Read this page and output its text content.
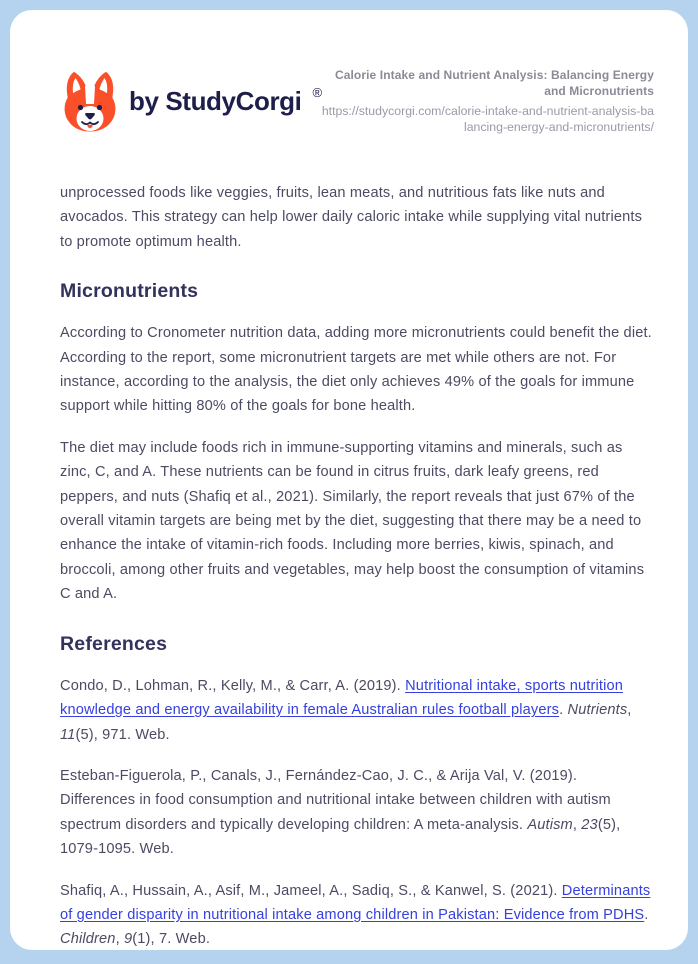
by StudyCorgi ®
Calorie Intake and Nutrient Analysis: Balancing Energy and Micronutrients
https://studycorgi.com/calorie-intake-and-nutrient-analysis-balancing-energy-and-micronutrients/

unprocessed foods like veggies, fruits, lean meats, and nutritious fats like nuts and avocados. This strategy can help lower daily caloric intake while supplying vital nutrients to promote optimum health.

Micronutrients

According to Cronometer nutrition data, adding more micronutrients could benefit the diet. According to the report, some micronutrient targets are met while others are not. For instance, according to the analysis, the diet only achieves 49% of the goals for immune support while hitting 80% of the goals for bone health.

The diet may include foods rich in immune-supporting vitamins and minerals, such as zinc, C, and A. These nutrients can be found in citrus fruits, dark leafy greens, red peppers, and nuts (Shafiq et al., 2021). Similarly, the report reveals that just 67% of the overall vitamin targets are being met by the diet, suggesting that there may be a need to enhance the intake of vitamin-rich foods. Including more berries, kiwis, spinach, and broccoli, among other fruits and vegetables, may help boost the consumption of vitamins C and A.

References

Condo, D., Lohman, R., Kelly, M., & Carr, A. (2019). Nutritional intake, sports nutrition knowledge and energy availability in female Australian rules football players. Nutrients, 11(5), 971. Web.

Esteban-Figuerola, P., Canals, J., Fernández-Cao, J. C., & Arija Val, V. (2019). Differences in food consumption and nutritional intake between children with autism spectrum disorders and typically developing children: A meta-analysis. Autism, 23(5), 1079-1095. Web.

Shafiq, A., Hussain, A., Asif, M., Jameel, A., Sadiq, S., & Kanwel, S. (2021). Determinants of gender disparity in nutritional intake among children in Pakistan: Evidence from PDHS. Children, 9(1), 7. Web.
